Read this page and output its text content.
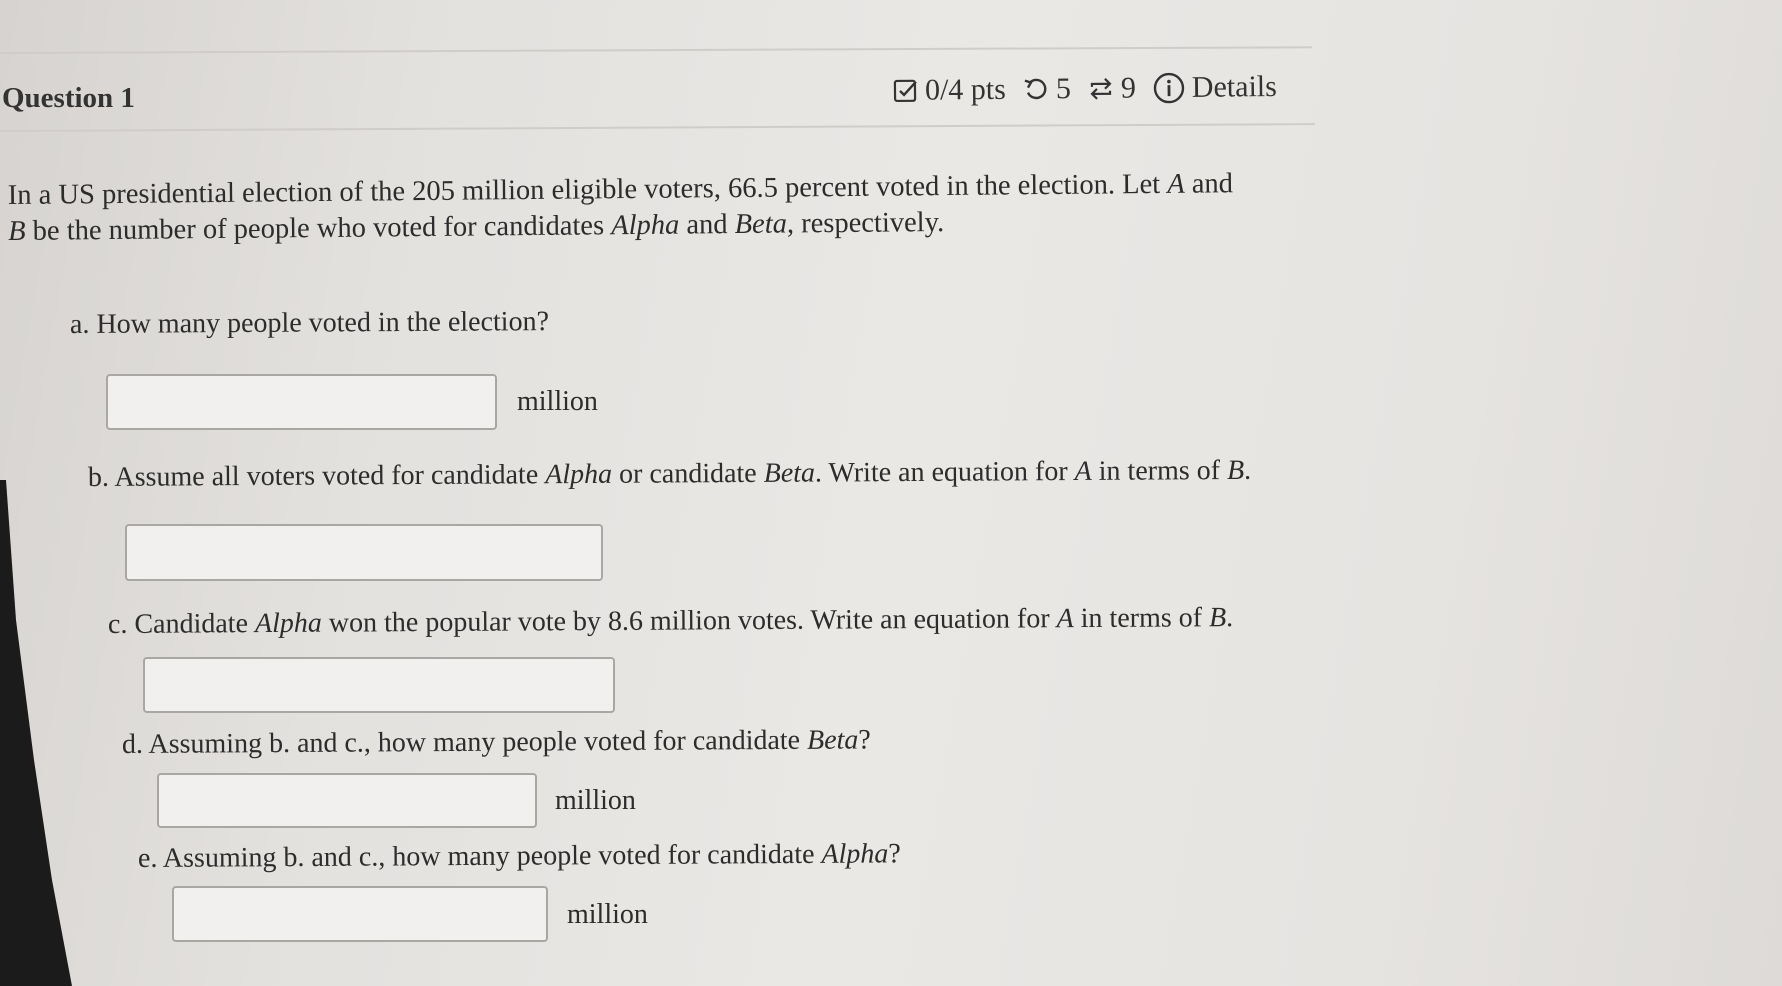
Question 1	0/4 pts 5 9 Details
In a US presidential election of the 205 million eligible voters, 66.5 percent voted in the election. Let A and
B be the number of people who voted for candidates Alpha and Beta, respectively.
a. How many people voted in the election?
million
b. Assume all voters voted for candidate Alpha or candidate Beta. Write an equation for A in terms of B.
c. Candidate Alpha won the popular vote by 8.6 million votes. Write an equation for A in terms of B.
d. Assuming b. and c., how many people voted for candidate Beta?
million
e. Assuming b. and c., how many people voted for candidate Alpha?
million
